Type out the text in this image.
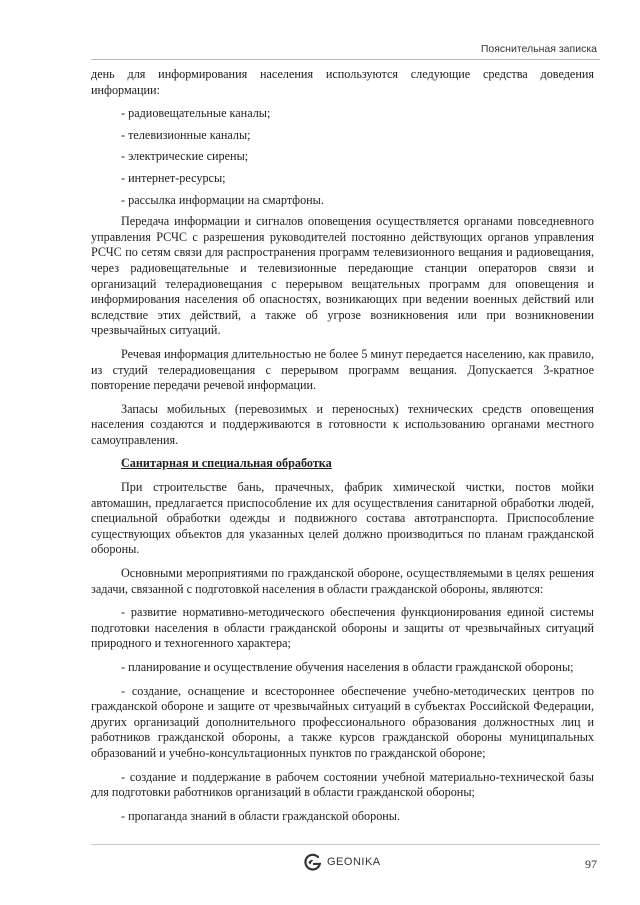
Пояснительная записка

день для информирования населения используются следующие средства доведения информации:

- радиовещательные каналы;

- телевизионные каналы;

- электрические сирены;

- интернет-ресурсы;

- рассылка информации на смартфоны.

Передача информации и сигналов оповещения осуществляется органами повседневного управления РСЧС с разрешения руководителей постоянно действующих органов управления РСЧС по сетям связи для распространения программ телевизионного вещания и радиовещания, через радиовещательные и телевизионные передающие станции операторов связи и организаций телерадиовещания с перерывом вещательных программ для оповещения и информирования населения об опасностях, возникающих при ведении военных действий или вследствие этих действий, а также об угрозе возникновения или при возникновении чрезвычайных ситуаций.

Речевая информация длительностью не более 5 минут передается населению, как правило, из студий телерадиовещания с перерывом программ вещания. Допускается 3-кратное повторение передачи речевой информации.

Запасы мобильных (перевозимых и переносных) технических средств оповещения населения создаются и поддерживаются в готовности к использованию органами местного самоуправления.

Санитарная и специальная обработка

При строительстве бань, прачечных, фабрик химической чистки, постов мойки автомашин, предлагается приспособление их для осуществления санитарной обработки людей, специальной обработки одежды и подвижного состава автотранспорта. Приспособление существующих объектов для указанных целей должно производиться по планам гражданской обороны.

Основными мероприятиями по гражданской обороне, осуществляемыми в целях решения задачи, связанной с подготовкой населения в области гражданской обороны, являются:

- развитие нормативно-методического обеспечения функционирования единой системы подготовки населения в области гражданской обороны и защиты от чрезвычайных ситуаций природного и техногенного характера;

- планирование и осуществление обучения населения в области гражданской обороны;

- создание, оснащение и всестороннее обеспечение учебно-методических центров по гражданской обороне и защите от чрезвычайных ситуаций в субъектах Российской Федерации, других организаций дополнительного профессионального образования должностных лиц и работников гражданской обороны, а также курсов гражданской обороны муниципальных образований и учебно-консультационных пунктов по гражданской обороне;

- создание и поддержание в рабочем состоянии учебной материально-технической базы для подготовки работников организаций в области гражданской обороны;

- пропаганда знаний в области гражданской обороны.

GEONIKA	97
